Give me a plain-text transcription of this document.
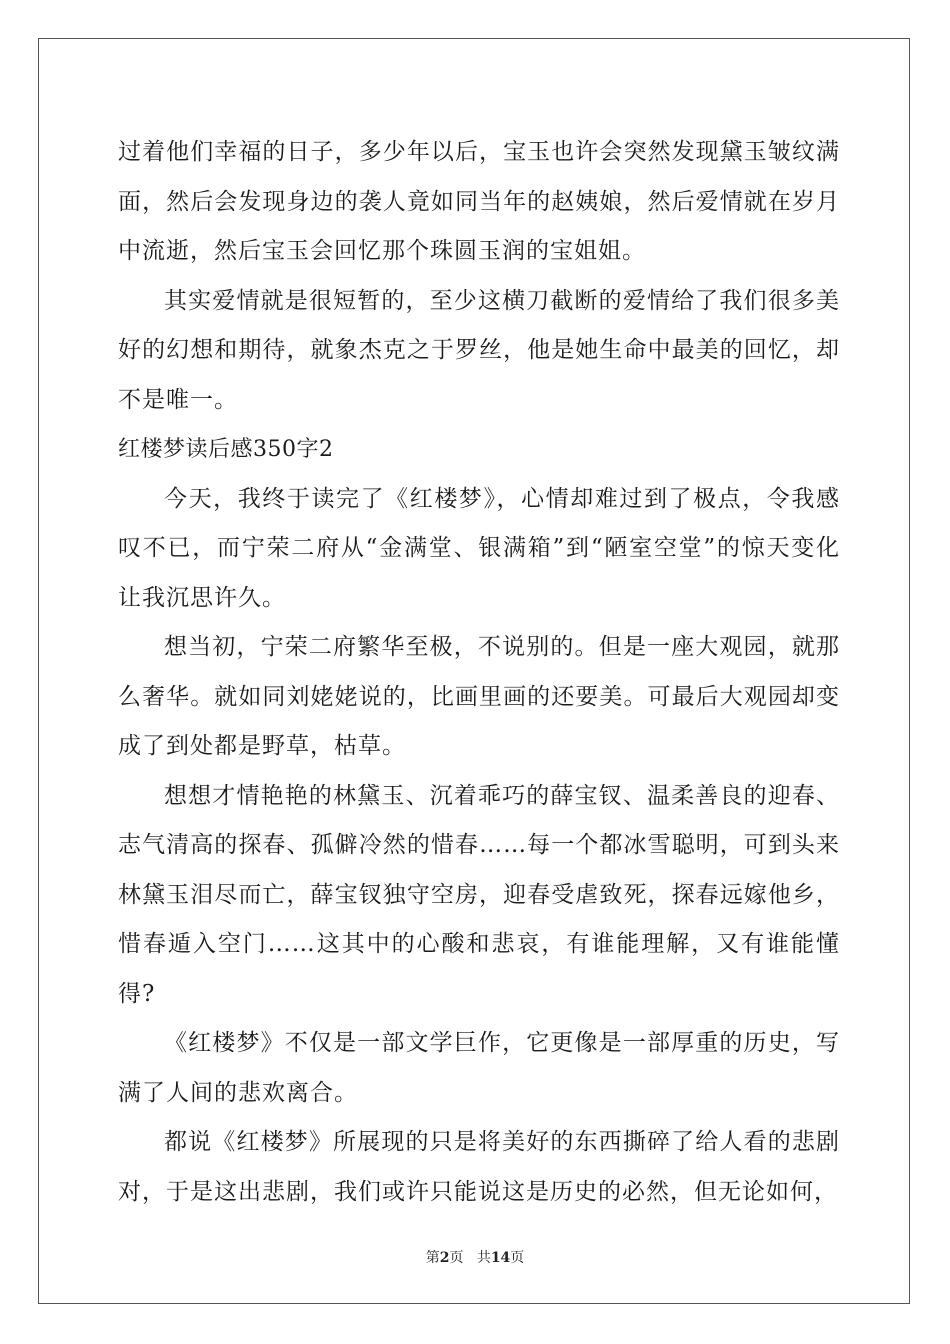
过着他们幸福的日子，多少年以后，宝玉也许会突然发现黛玉皱纹满面，然后会发现身边的袭人竟如同当年的赵姨娘，然后爱情就在岁月中流逝，然后宝玉会回忆那个珠圆玉润的宝姐姐。

其实爱情就是很短暂的，至少这横刀截断的爱情给了我们很多美好的幻想和期待，就象杰克之于罗丝，他是她生命中最美的回忆，却不是唯一。

红楼梦读后感350字2

今天，我终于读完了《红楼梦》，心情却难过到了极点，令我感叹不已，而宁荣二府从“金满堂、银满箱”到“陋室空堂”的惊天变化让我沉思许久。

想当初，宁荣二府繁华至极，不说别的。但是一座大观园，就那么奢华。就如同刘姥姥说的，比画里画的还要美。可最后大观园却变成了到处都是野草，枯草。

想想才情艳艳的林黛玉、沉着乖巧的薛宝钗、温柔善良的迎春、志气清高的探春、孤僻冷然的惜春……每一个都冰雪聪明，可到头来林黛玉泪尽而亡，薛宝钗独守空房，迎春受虐致死，探春远嫁他乡，惜春遁入空门……这其中的心酸和悲哀，有谁能理解，又有谁能懂得?

《红楼梦》不仅是一部文学巨作，它更像是一部厚重的历史，写满了人间的悲欢离合。

都说《红楼梦》所展现的只是将美好的东西撕碎了给人看的悲剧对，于是这出悲剧，我们或许只能说这是历史的必然，但无论如何，

第2页 共14页
